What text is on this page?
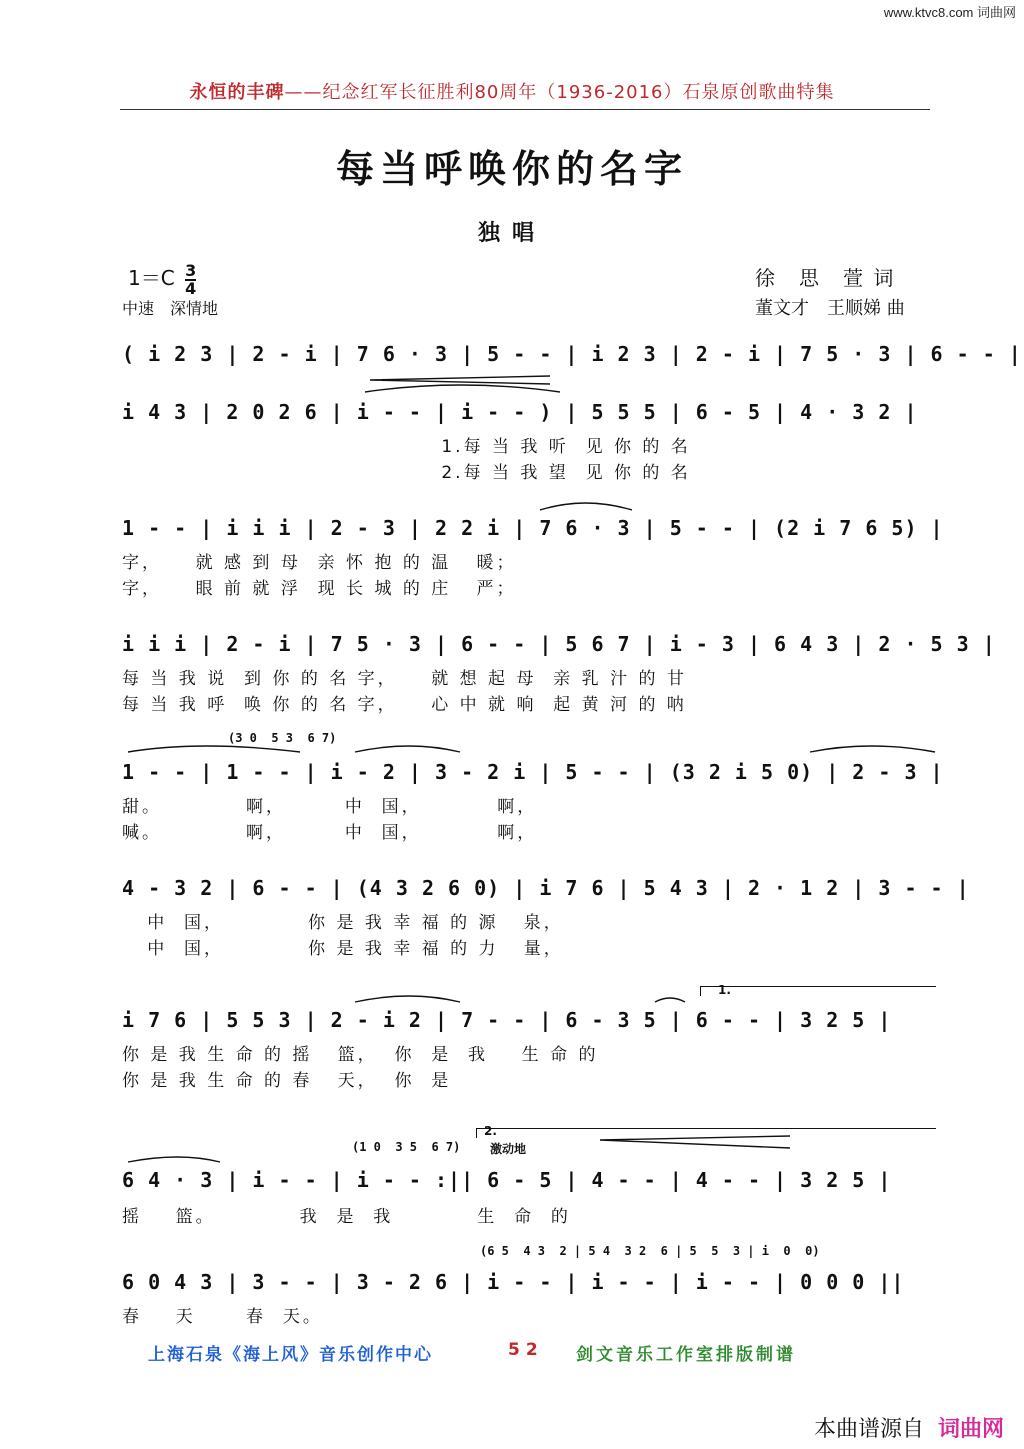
www.ktvc8.com 词曲网
永恒的丰碑——纪念红军长征胜利80周年（1936-2016）石泉原创歌曲特集
每当呼唤你的名字
独唱
$1=C \frac{3}{4}$
中速　深情地
徐　思　萱 词
董文才　王顺娣 曲
( i 2 3 | 2 - i | 7 6 · 3 | 5 - - | i 2 3 | 2 - i | 7 5 · 3 | 6 - - |
i 4 3 | 2 0 2 6 | i - - | i - - ) | 5 5 5 | 6 - 5 | 4 · 3 2 |
1.每 当 我 听  见 你 的 名
2.每 当 我 望  见 你 的 名
1 - - | i i i | 2 - 3 | 2 2 i | 7 6 · 3 | 5 - - | (2 i 7 6 5) |
字，    就 感 到 母  亲 怀 抱 的 温   暖；
字，    眼 前 就 浮  现 长 城 的 庄   严；
i i i | 2 - i | 7 5 · 3 | 6 - - | 5 6 7 | i - 3 | 6 4 3 | 2 · 5 3 |
每 当 我 说  到 你 的 名 字，    就 想 起 母  亲 乳 汁 的 甘
每 当 我 呼  唤 你 的 名 字，    心 中 就 响  起 黄 河 的 呐
(3 0  5 3  6 7)
1 - - | 1 - - | i - 2 | 3 - 2 i | 5 - - | (3 2 i 5 0) | 2 - 3 |
甜。          啊，       中  国，         啊，
喊。          啊，       中  国，         啊，
4 - 3 2 | 6 - - | (4 3 2 6 0) | i 7 6 | 5 4 3 | 2 · 1 2 | 3 - - |
中  国，          你 是 我 幸 福 的 源   泉，
中  国，          你 是 我 幸 福 的 力   量，
1.
i 7 6 | 5 5 3 | 2 - i 2 | 7 - - | 6 - 3 5 | 6 - - | 3 2 5 |
你 是 我 生 命 的 摇   篮，  你  是  我    生 命 的
你 是 我 生 命 的 春   天，  你  是
2.
激动地
(1 0  3 5  6 7)
6 4 · 3 | i - - | i - - :|| 6 - 5 | 4 - - | 4 - - | 3 2 5 |
摇    篮。          我  是  我          生  命  的
(6 5  4 3  2 | 5 4  3 2  6 | 5  5  3 | i  0  0)
6 0 4 3 | 3 - - | 3 - 2 6 | i - - | i - - | i - - | 0 0 0 ||
春    天      春  天。
上海石泉《海上风》音乐创作中心	52 剑文音乐工作室排版制谱
本曲谱源自 词曲网
